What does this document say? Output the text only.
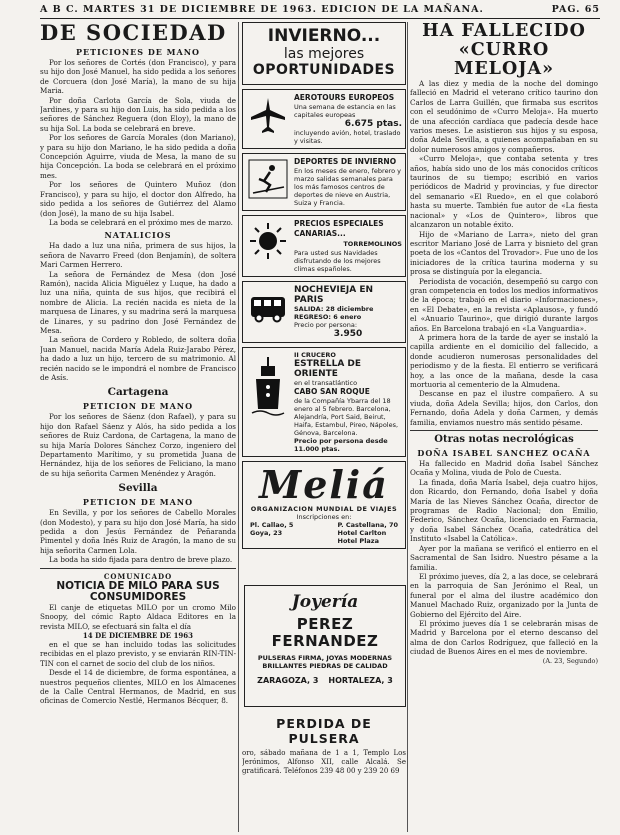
A B C. MARTES 31 DE DICIEMBRE DE 1963. EDICION DE LA MAÑANA.	PAG. 65
DE SOCIEDAD
PETICIONES DE MANO

Por los señores de Cortés (don Francisco), y para su hijo don José Manuel, ha sido pedida a los señores de Corcuera (don José María), la mano de su hija Maria.

Por doña Carlota García de Sola, viuda de Jardines, y para su hijo don Luis, ha sido pedida a los señores de Sánchez Reguera (don Eloy), la mano de su hija Sol. La boda se celebrará en breve.

Por los señores de García Morales (don Mariano), y para su hijo don Mariano, le ha sido pedida a doña Concepción Aguirre, viuda de Mesa, la mano de su hija Concepción. La boda se celebrará en el próximo mes.

Por los señores de Quintero Muñoz (don Francisco), y para su hijo, el doctor don Alfredo, ha sido pedida a los señores de Gutiérrez del Alamo (don José), la mano de su hija Isabel.

La boda se celebrará en el próximo mes de marzo.

NATALICIOS

Ha dado a luz una niña, primera de sus hijos, la señora de Navarro Freed (don Benjamín), de soltera Mari Carmen Herrero.

La señora de Fernández de Mesa (don José Ramón), nacida Alicia Miguélez y Luque, ha dado a luz una niña, quinta de sus hijos, que recibirá el nombre de Alicia. La recién nacida es nieta de la marquesa de Linares, y su madrina será la marquesa de Linares, y su padrino don José Fernández de Mesa.

La señora de Cordero y Robledo, de soltera doña Juan Manuel, nacida María Adela Ruiz-Jarabo Pérez, ha dado a luz un hijo, tercero de su matrimonio. Al recién nacido se le impondrá el nombre de Francisco de Asís.

Cartagena
PETICION DE MANO

Por los señores de Sáenz (don Rafael), y para su hijo don Rafael Sáenz y Alós, ha sido pedida a los señores de Ruiz Cardona, de Cartagena, la mano de su hija María Dolores Sánchez Corzo, ingeniero del Departamento Marítimo, y su prometida Juana de Hernández, hija de los señores de Feliciano, la mano de su hija señorita Carmen Menéndez y Aragón.

Sevilla
PETICION DE MANO

En Sevilla, y por los señores de Cabello Morales (don Modesto), y para su hijo don José María, ha sido pedida a don Jesús Fernández de Peñaranda Pimentel y doña Inés Ruiz de Aragón, la mano de su hija señorita Carmen Lola.

La boda ha sido fijada para dentro de breve plazo.

COMUNICADO
NOTICIA DE MILO PARA SUS CONSUMIDORES

El canje de etiquetas MILO por un cromo Milo Snoopy, del cómic Rapto Aldaca Editores en la revista MILO, se efectuará sin falta el día

14 DE DICIEMBRE DE 1963

en el que se han incluido todas las solicitudes recibidas en el plazo previsto, y se enviarán RIN-TIN-TIN con el carnet de socio del club de los niños.

Desde el 14 de diciembre, de forma espontánea, a nuestros pequeños clientes, MILO en los Almacenes de la Calle Central Hermanos, de Madrid, en sus oficinas de Comercio Nestlé, Hermanos Bécquer, 8.

INVIERNO...
las mejores
OPORTUNIDADES
AEROTOURS EUROPEOS
Una semana de estancia en las capitales europeas
6.675 ptas.
incluyendo avión, hotel, traslado y visitas.
DEPORTES DE INVIERNO
En los meses de enero, febrero y marzo salidas semanales para los más famosos centros de deportes de nieve en Austria, Suiza y Francia.
PRECIOS ESPECIALES CANARIAS...
TORREMOLINOS
Para usted sus Navidades disfrutando de los mejores climas españoles.
NOCHEVIEJA EN PARIS
SALIDA: 28 diciembre
REGRESO: 6 enero
Precio por persona:
3.950
II CRUCERO
ESTRELLA DE ORIENTE
en el transatlántico
CABO SAN ROQUE
de la Compañía Ybarra del 18 enero al 5 febrero. Barcelona, Alejandría, Port Said, Beirut, Haifa, Estambul, Pireo, Nápoles, Génova, Barcelona.
Precio por persona desde 11.000 ptas.
Meliá
ORGANIZACION MUNDIAL DE VIAJES
Inscripciones en:
Pl. Callao, 5
Goya, 23
P. Castellana, 70
Hotel Carlton
Hotel Plaza
Joyería
PEREZ FERNANDEZ
PULSERAS FIRMA, JOYAS MODERNAS
BRILLANTES PIEDRAS DE CALIDAD
ZARAGOZA, 3 HORTALEZA, 3
PERDIDA DE PULSERA

oro, sábado mañana de 1 a 1, Templo Los Jerónimos, Alfonso XII, calle Alcalá. Se gratificará. Teléfonos 239 48 00 y 239 20 69

HA FALLECIDO
«CURRO MELOJA»

A las diez y media de la noche del domingo falleció en Madrid el veterano crítico taurino don Carlos de Larra Guillén, que firmaba sus escritos con el seudónimo de «Curro Meloja». Ha muerto de una afección cardíaca que padecía desde hace varios meses. Le asistieron sus hijos y su esposa, doña Adela Sevilla, a quienes acompañaban en su dolor numerosos amigos y compañeros.

«Curro Meloja», que contaba setenta y tres años, había sido uno de los más conocidos críticos taurinos de su tiempo; escribió en varios periódicos de Madrid y provincias, y fue director del semanario «El Ruedo», en el que colaboró hasta su muerte. También fue autor de «La fiesta nacional» y «Los de Quintero», libros que alcanzaron un notable éxito.

Hijo de «Mariano de Larra», nieto del gran escritor Mariano José de Larra y bisnieto del gran poeta de los «Cantos del Trovador». Fue uno de los iniciadores de la crítica taurina moderna y su prosa se distinguía por la elegancia.

Periodista de vocación, desempeñó su cargo con gran competencia en todos los medios informativos de la época; trabajó en el diario «Informaciones», en «El Debate», en la revista «Aplausos», y fundó el «Anuario Taurino», que dirigió durante largos años. En Barcelona trabajó en «La Vanguardia».

A primera hora de la tarde de ayer se instaló la capilla ardiente en el domicilio del fallecido, a donde acudieron numerosas personalidades del periodismo y de la fiesta. El entierro se verificará hoy, a las once de la mañana, desde la casa mortuoria al cementerio de la Almudena.

Descanse en paz el ilustre compañero. A su viuda, doña Adela Sevilla; hijos, don Carlos, don Fernando, doña Adela y doña Carmen, y demás familia, enviamos nuestro más sentido pésame.

Otras notas necrológicas
DOÑA ISABEL SANCHEZ OCAÑA

Ha fallecido en Madrid doña Isabel Sánchez Ocaña y Molina, viuda de Polo de Cuesta.

La finada, doña María Isabel, deja cuatro hijos, don Ricardo, don Fernando, doña Isabel y doña María de las Nieves Sánchez Ocaña, director de programas de Radio Nacional; don Emilio, Federico, Sánchez Ocaña, licenciado en Farmacia, y doña Isabel Sánchez Ocaña, catedrática del Instituto «Isabel la Católica».

Ayer por la mañana se verificó el entierro en el Sacramental de San Isidro. Nuestro pésame a la familia.

El próximo jueves, día 2, a las doce, se celebrará en la parroquia de San Jerónimo el Real, un funeral por el alma del ilustre académico don Manuel Machado Ruiz, organizado por la Junta de Gobierno del Ejército del Aire.

El próximo jueves día 1 se celebrarán misas de Madrid y Barcelona por el eterno descanso del alma de don Carlos Rodríguez, que falleció en la ciudad de Buenos Aires en el mes de noviembre.

(A. 23, Segundo)
